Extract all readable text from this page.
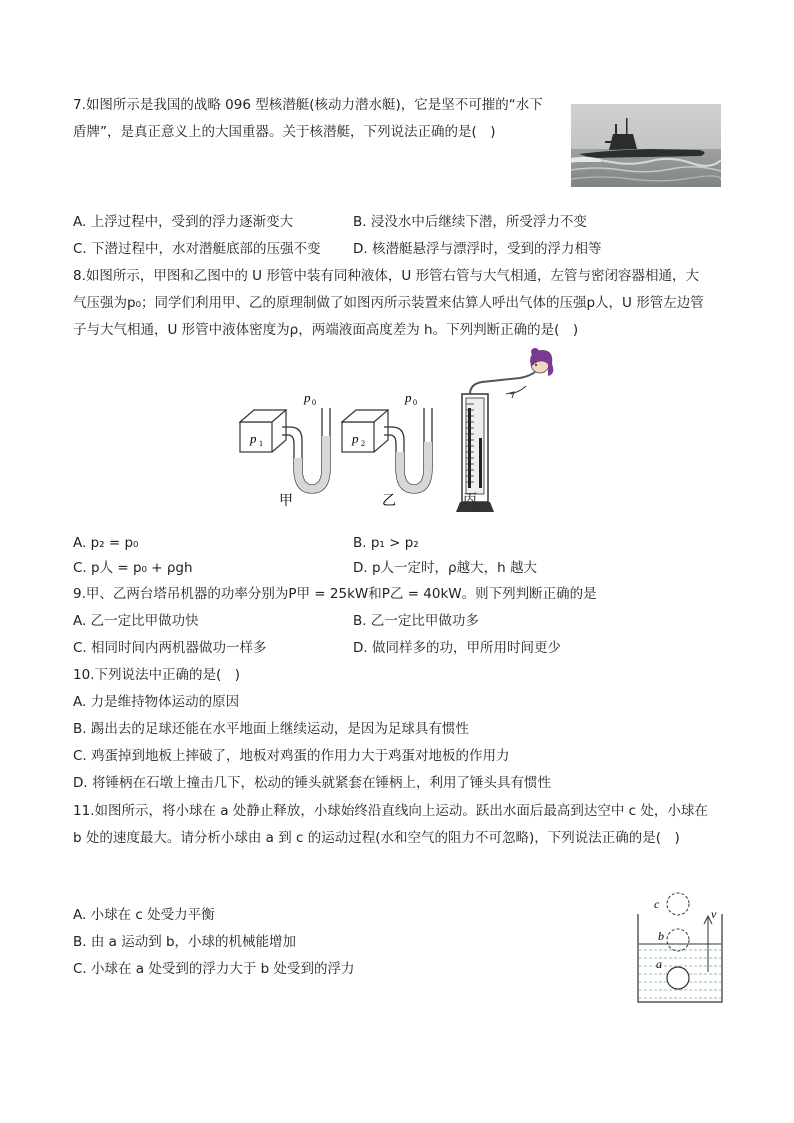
7.如图所示是我国的战略 096 型核潜艇(核动力潜水艇)，它是坚不可摧的“水下
盾牌”，是真正意义上的大国重器。关于核潜艇，下列说法正确的是(　)
A. 上浮过程中，受到的浮力逐渐变大	B. 浸没水中后继续下潜，所受浮力不变
C. 下潜过程中，水对潜艇底部的压强不变 D. 核潜艇悬浮与漂浮时，受到的浮力相等
8.如图所示，甲图和乙图中的 U 形管中装有同种液体，U 形管右管与大气相通，左管与密闭容器相通，大
气压强为p₀；同学们利用甲、乙的原理制做了如图丙所示装置来估算人呼出气体的压强p人，U 形管左边管
子与大气相通，U 形管中液体密度为ρ，两端液面高度差为 h。下列判断正确的是(　)
p 1
p 0
p 2
p 0
甲	乙	丙
A. p₂ = p₀	B. p₁ > p₂
C. p人 = p₀ + ρgh	D. p人一定时，ρ越大，h 越大
9.甲、乙两台塔吊机器的功率分别为P甲 = 25kW和P乙 = 40kW。则下列判断正确的是
A. 乙一定比甲做功快	B. 乙一定比甲做功多
C. 相同时间内两机器做功一样多	D. 做同样多的功，甲所用时间更少
10.下列说法中正确的是(　)
A. 力是维持物体运动的原因
B. 踢出去的足球还能在水平地面上继续运动，是因为足球具有惯性
C. 鸡蛋掉到地板上摔破了，地板对鸡蛋的作用力大于鸡蛋对地板的作用力
D. 将锤柄在石墩上撞击几下，松动的锤头就紧套在锤柄上，利用了锤头具有惯性
11.如图所示，将小球在 a 处静止释放，小球始终沿直线向上运动。跃出水面后最高到达空中 c 处，小球在
b 处的速度最大。请分析小球由 a 到 c 的运动过程(水和空气的阻力不可忽略)，下列说法正确的是(　)
A. 小球在 c 处受力平衡
B. 由 a 运动到 b，小球的机械能增加
C. 小球在 a 处受到的浮力大于 b 处受到的浮力
c
b
a
v
